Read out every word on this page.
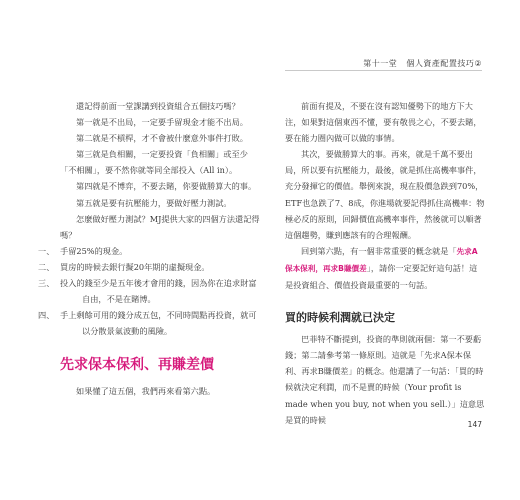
第十一堂 個人資產配置技巧②

還記得前面一堂課講到投資組合五個技巧嗎？

第一就是不出局，一定要手留現金才能不出局。

第二就是不槓桿，才不會被什麼意外事件打敗。

第三就是負相關，一定要投資「負相關」或至少「不相關」，要不然你就等同全部投入（All in）。

第四就是不博弈，不要去賭，你要做勝算大的事。

第五就是要有抗壓能力，要做好壓力測試。

怎麼做好壓力測試？MJ提供大家的四個方法還記得嗎？

一、 手留25%的現金。

二、 買房的時候去銀行擬20年期的虛擬現金。

三、 投入的錢至少是五年後才會用的錢，因為你在追求財富自由，不是在賭博。

四、 手上剩餘可用的錢分成五包，不同時間點再投資，就可以分散景氣波動的風險。

先求保本保利、再賺差價

如果懂了這五個，我們再來看第六點。

前面有提及，不要在沒有認知優勢下的地方下大注，如果對這個東西不懂，要有敬畏之心，不要去賭，要在能力圈內做可以做的事情。

其次，要做勝算大的事。再來，就是千萬不要出局，所以要有抗壓能力，最後，就是抓住高機率事件，充分發揮它的價值。舉例來說，現在股價急跌到70%，ETF也急跌了7、8成，你進場就要記得抓住高機率：物極必反的原則，回歸價值高機率事件，然後就可以順著這個趨勢，賺到應該有的合理報酬。

回到第六點，有一個非常重要的概念就是「先求A保本保利，再求B賺價差」，請你一定要記好這句話！這是投資組合、價值投資最重要的一句話。

買的時候利潤就已決定

巴菲特不斷提到，投資的準則就兩個：第一不要虧錢；第二請參考第一條原則。這就是「先求A保本保利、再求B賺價差」的概念。他還講了一句話：「買的時候就決定利潤，而不是賣的時候（Your profit is made when you buy, not when you sell.）」這意思是買的時候	147
